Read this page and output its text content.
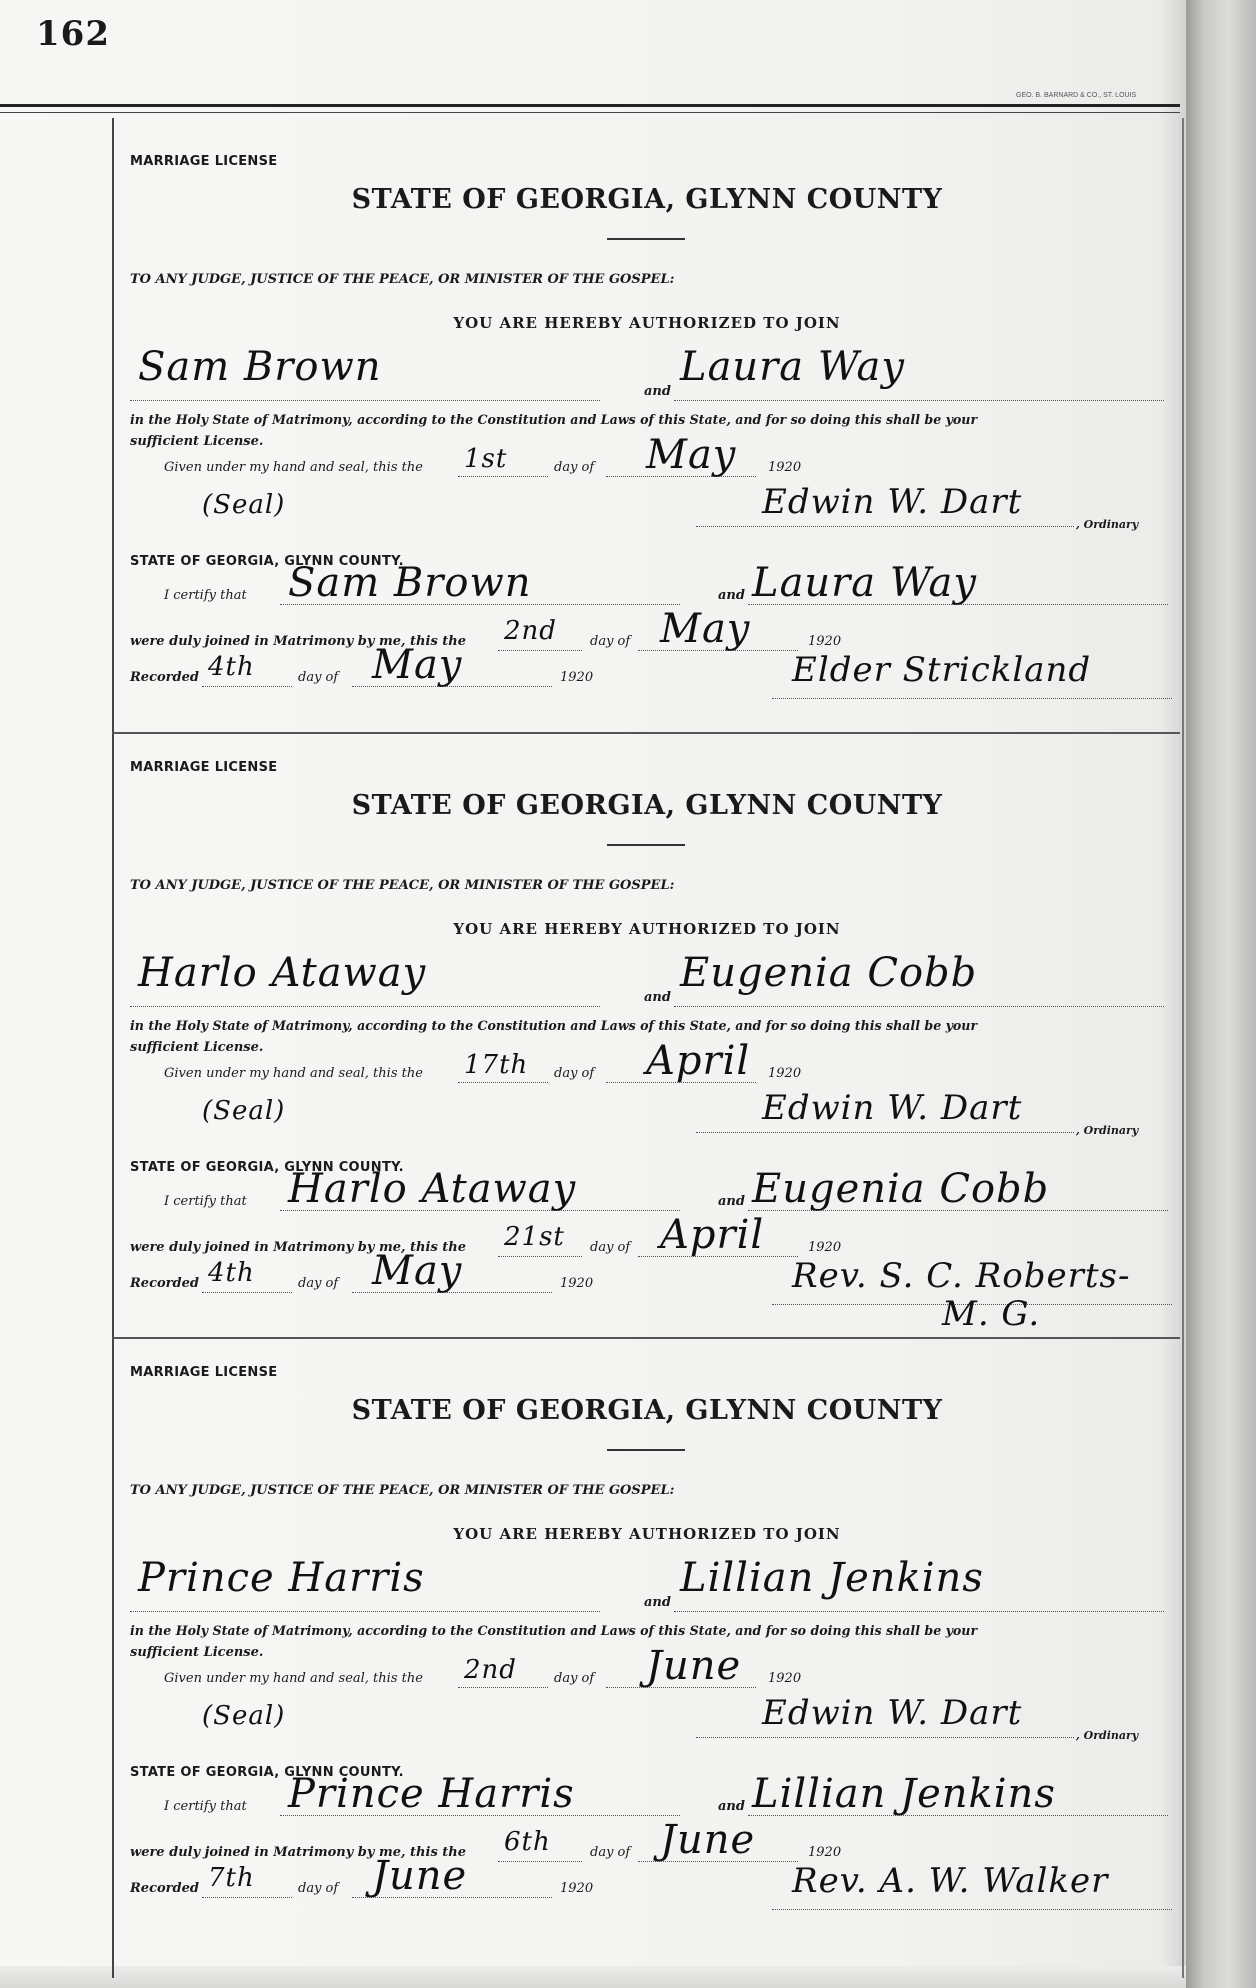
162
GEO. B. BARNARD & CO., ST. LOUIS
MARRIAGE LICENSE
STATE OF GEORGIA, GLYNN COUNTY
TO ANY JUDGE, JUSTICE OF THE PEACE, OR MINISTER OF THE GOSPEL:
YOU ARE HEREBY AUTHORIZED TO JOIN
Sam Brown
and
Laura Way
in the Holy State of Matrimony, according to the Constitution and Laws of this State, and for so doing this shall be your
sufficient License.
Given under my hand and seal, this the 1st	day of May 1920
(Seal)	Edwin W. Dart
, Ordinary
STATE OF GEORGIA, GLYNN COUNTY.
I certify that Sam Brown	and Laura Way
were duly joined in Matrimony by me, this the 2nd	day of May	1920
Recorded 4th	day of May	1920	Elder Strickland
MARRIAGE LICENSE
STATE OF GEORGIA, GLYNN COUNTY
TO ANY JUDGE, JUSTICE OF THE PEACE, OR MINISTER OF THE GOSPEL:
YOU ARE HEREBY AUTHORIZED TO JOIN
Harlo Ataway
and
Eugenia Cobb
in the Holy State of Matrimony, according to the Constitution and Laws of this State, and for so doing this shall be your
sufficient License.
Given under my hand and seal, this the 17th day of April 1920
(Seal)	Edwin W. Dart
, Ordinary
STATE OF GEORGIA, GLYNN COUNTY.
I certify that Harlo Ataway	and Eugenia Cobb
were duly joined in Matrimony by me, this the 21st day of April	1920
Recorded 4th	day of May	1920	Rev. S. C. Roberts-
M. G.
MARRIAGE LICENSE
STATE OF GEORGIA, GLYNN COUNTY
TO ANY JUDGE, JUSTICE OF THE PEACE, OR MINISTER OF THE GOSPEL:
YOU ARE HEREBY AUTHORIZED TO JOIN
Prince Harris
and
Lillian Jenkins
in the Holy State of Matrimony, according to the Constitution and Laws of this State, and for so doing this shall be your
sufficient License.
Given under my hand and seal, this the 2nd	day of June 1920
(Seal)	Edwin W. Dart
, Ordinary
STATE OF GEORGIA, GLYNN COUNTY.
I certify that Prince Harris	and Lillian Jenkins
were duly joined in Matrimony by me, this the 6th	day of June	1920
Recorded 7th	day of June	1920	Rev. A. W. Walker
